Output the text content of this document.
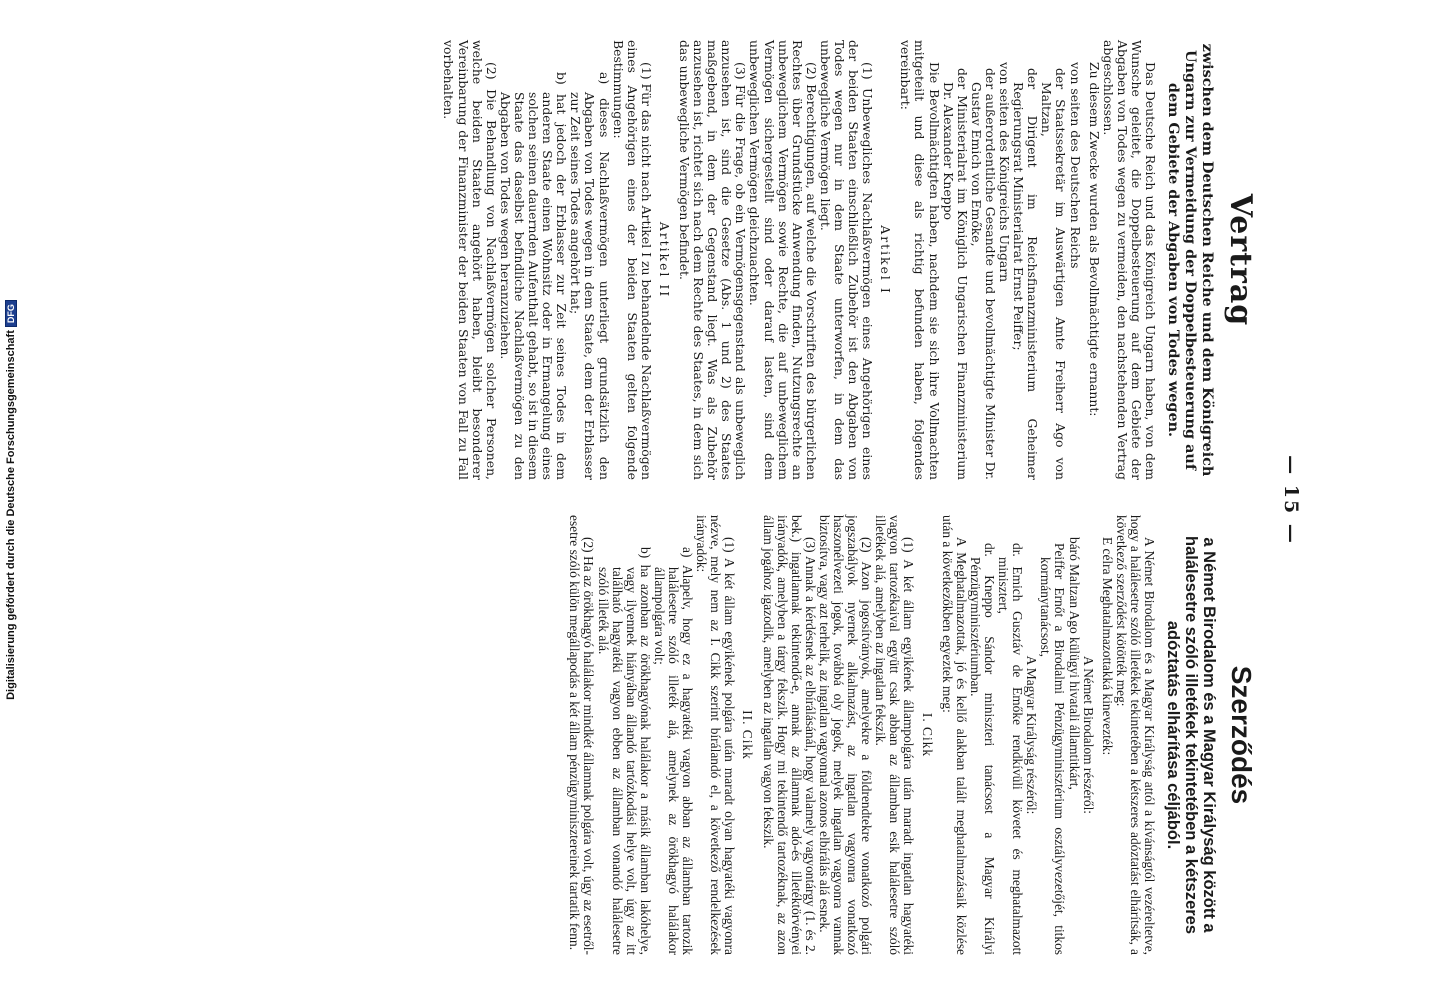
Digitalisierung gefördert durch die Deutsche ForschungsgemeinschaftDFG
— 15 —
Vertrag
zwischen dem Deutschen Reiche und dem Königreich Ungarn zur Vermeidung der Doppelbesteuerung auf dem Gebiete der Abgaben von Todes wegen.

Das Deutsche Reich und das Königreich Ungarn haben, von dem Wunsche geleitet, die Doppelbesteuerung auf dem Gebiete der Abgaben von Todes wegen zu vermeiden, den nachstehenden Vertrag abgeschlossen.

Zu diesem Zwecke wurden als Bevollmächtigte ernannt:

von seiten des Deutschen Reichs

der Staatssekretär im Auswärtigen Amte Freiherr Ago von Maltzan,

der Dirigent im Reichsfinanzministerium Geheimer Regierungsrat Ministerialrat Ernst Peiffer;

von seiten des Königreichs Ungarn

der außerordentliche Gesandte und bevollmächtigte Minister Dr. Gustav Emich von Emőke,

der Ministerialrat im Königlich Ungarischen Finanzministerium Dr. Alexander Kneppo

Die Bevollmächtigten haben, nachdem sie sich ihre Vollmachten mitgeteilt und diese als richtig befunden haben, folgendes vereinbart:

Artikel I

(1) Unbewegliches Nachlaßvermögen eines Angehörigen eines der beiden Staaten einschließlich Zubehör ist den Abgaben von Todes wegen nur in dem Staate unterworfen, in dem das unbewegliche Vermögen liegt.

(2) Berechtigungen, auf welche die Vorschriften des bürgerlichen Rechtes über Grundstücke Anwendung finden, Nutzungsrechte an unbeweglichem Vermögen sowie Rechte, die auf unbeweglichem Vermögen sichergestellt sind oder darauf lasten, sind dem unbeweglichen Vermögen gleichzuachten.

(3) Für die Frage, ob ein Vermögensgegenstand als unbeweglich anzusehen ist, sind die Gesetze (Abs. 1 und 2) des Staates maßgebend, in dem der Gegenstand liegt. Was als Zubehör anzusehen ist, richtet sich nach dem Rechte des Staates, in dem sich das unbewegliche Vermögen befindet.

Artikel II

(1) Für das nicht nach Artikel I zu behandelnde Nachlaßvermögen eines Angehörigen eines der beiden Staaten gelten folgende Bestimmungen:

a) dieses Nachlaßvermögen unterliegt grundsätzlich den Abgaben von Todes wegen in dem Staate, dem der Erblasser zur Zeit seines Todes angehört hat;

b) hat jedoch der Erblasser zur Zeit seines Todes in dem anderen Staate einen Wohnsitz oder in Ermangelung eines solchen seinen dauernden Aufenthalt gehabt, so ist in diesem Staate das daselbst befindliche Nachlaßvermögen zu den Abgaben von Todes wegen heranzuziehen.

(2) Die Behandlung von Nachlaßvermögen solcher Personen, welche beiden Staaten angehört haben, bleibt besonderer Vereinbarung der Finanzminister der beiden Staaten von Fall zu Fall vorbehalten.

Szerződés
a Német Birodalom és a Magyar Királyság között a halálesetre szóló illetékek tekintetében a kétszeres adóztatás elhárítása céljából.

A Német Birodalom és a Magyar Királyság attól a kívánságtól vezéreltetve, hogy a halálesetre szóló illetékek tekintetében a kétszeres adóztatást elhárítsák, a következő szerződést kötötték meg:

E célra Meghatalmazottakká kinevezték:

A Német Birodalom részéről:

báró Maltzan Ago külügyi hivatali államtitkárt,

Peiffer Ernőt a Birodalmi Pénzügyminisztérium osztályvezetőjét, titkos kormánytanácsost,

A Magyar Királyság részéről:

dr. Emich Gusztáv de Emőke rendkívüli követet és meghatalmazott minisztert,

dr. Kneppo Sándor miniszteri tanácsost a Magyar Királyi Pénzügyminisztériumban.

A Meghatalmazottak, jó és kellő alakban talált meghatalmazásaik közlése után a következőkben egyeztek meg:

I. Cikk

(1) A két állam egyikének állampolgára után maradt ingatlan hagyatéki vagyon tartozékaival együtt csak abban az államban esik halálesetre szóló illetékek alá, amelyben az ingatlan fekszik.

(2) Azon jogosítványok, amelyekre a földrendtekre vonatkozó polgári jogszabályok nyernek alkalmazást, az ingatlan vagyonra vonatkozó haszonélvezeti jogok, továbbá oly jogok, melyek ingatlan vagyonra vannak biztosítva, vagy azt terhelik, az ingatlan vagyonnal azonos elbírálás alá esnek.

(3) Annak a kérdésnek az elbírálásánál, hogy valamely vagyontárgy (1. és 2. bek.) ingatlannak tekintendő-e, annak az államnak adó-és illetéktörvényei irányadók, amelyben a tárgy fekszik. Hogy mi tekintendő tartozéknak, az azon állam jogához igazodik, amelyben az ingatlan vagyon fekszik.

II. Cikk

(1) A két állam egyikének polgára után maradt olyan hagyatéki vagyonra nézve, mely nem az I. Cikk szerint bírálandó el, a következő rendelkezések irányadók:

a) Alapelv, hogy ez a hagyatéki vagyon abban az államban tartozik halálesetre szóló illeték alá, amelynek az örökhagyó halálakor állampolgára volt;

b) ha azonban az örökhagyónak halálakor a másik államban lakóhelye, vagy ilyennek hiányában állandó tartózkodási helye volt, úgy az itt található hagyatéki vagyon ebben az államban vonandó halálesetre szóló illeték alá.

(2) Ha az örökhagyó halálakor mindkét államnak polgára volt, úgy az esetről-esetre szóló külön megállapodás a két állam pénzügyminisztereinek tartatik fenn.
